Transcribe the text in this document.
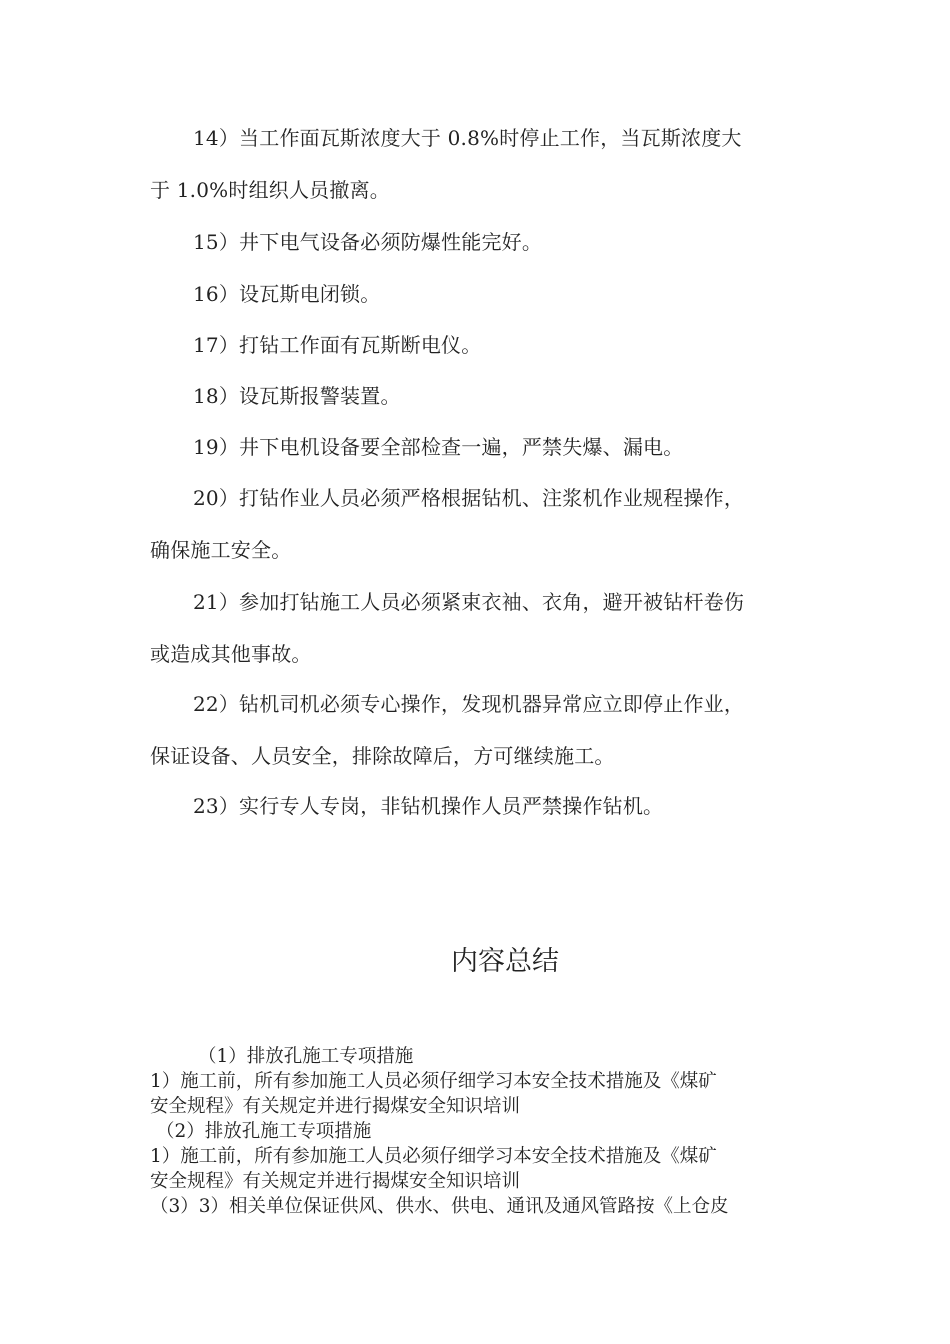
14）当工作面瓦斯浓度大于 0.8%时停止工作，当瓦斯浓度大
于 1.0%时组织人员撤离。

15）井下电气设备必须防爆性能完好。

16）设瓦斯电闭锁。

17）打钻工作面有瓦斯断电仪。

18）设瓦斯报警装置。

19）井下电机设备要全部检查一遍，严禁失爆、漏电。

20）打钻作业人员必须严格根据钻机、注浆机作业规程操作，
确保施工安全。

21）参加打钻施工人员必须紧束衣袖、衣角，避开被钻杆卷伤
或造成其他事故。

22）钻机司机必须专心操作，发现机器异常应立即停止作业，
保证设备、人员安全，排除故障后，方可继续施工。

23）实行专人专岗，非钻机操作人员严禁操作钻机。

内容总结
（1）排放孔施工专项措施
1）施工前，所有参加施工人员必须仔细学习本安全技术措施及《煤矿
安全规程》有关规定并进行揭煤安全知识培训
（2）排放孔施工专项措施
1）施工前，所有参加施工人员必须仔细学习本安全技术措施及《煤矿
安全规程》有关规定并进行揭煤安全知识培训
（3）3）相关单位保证供风、供水、供电、通讯及通风管路按《上仓皮
